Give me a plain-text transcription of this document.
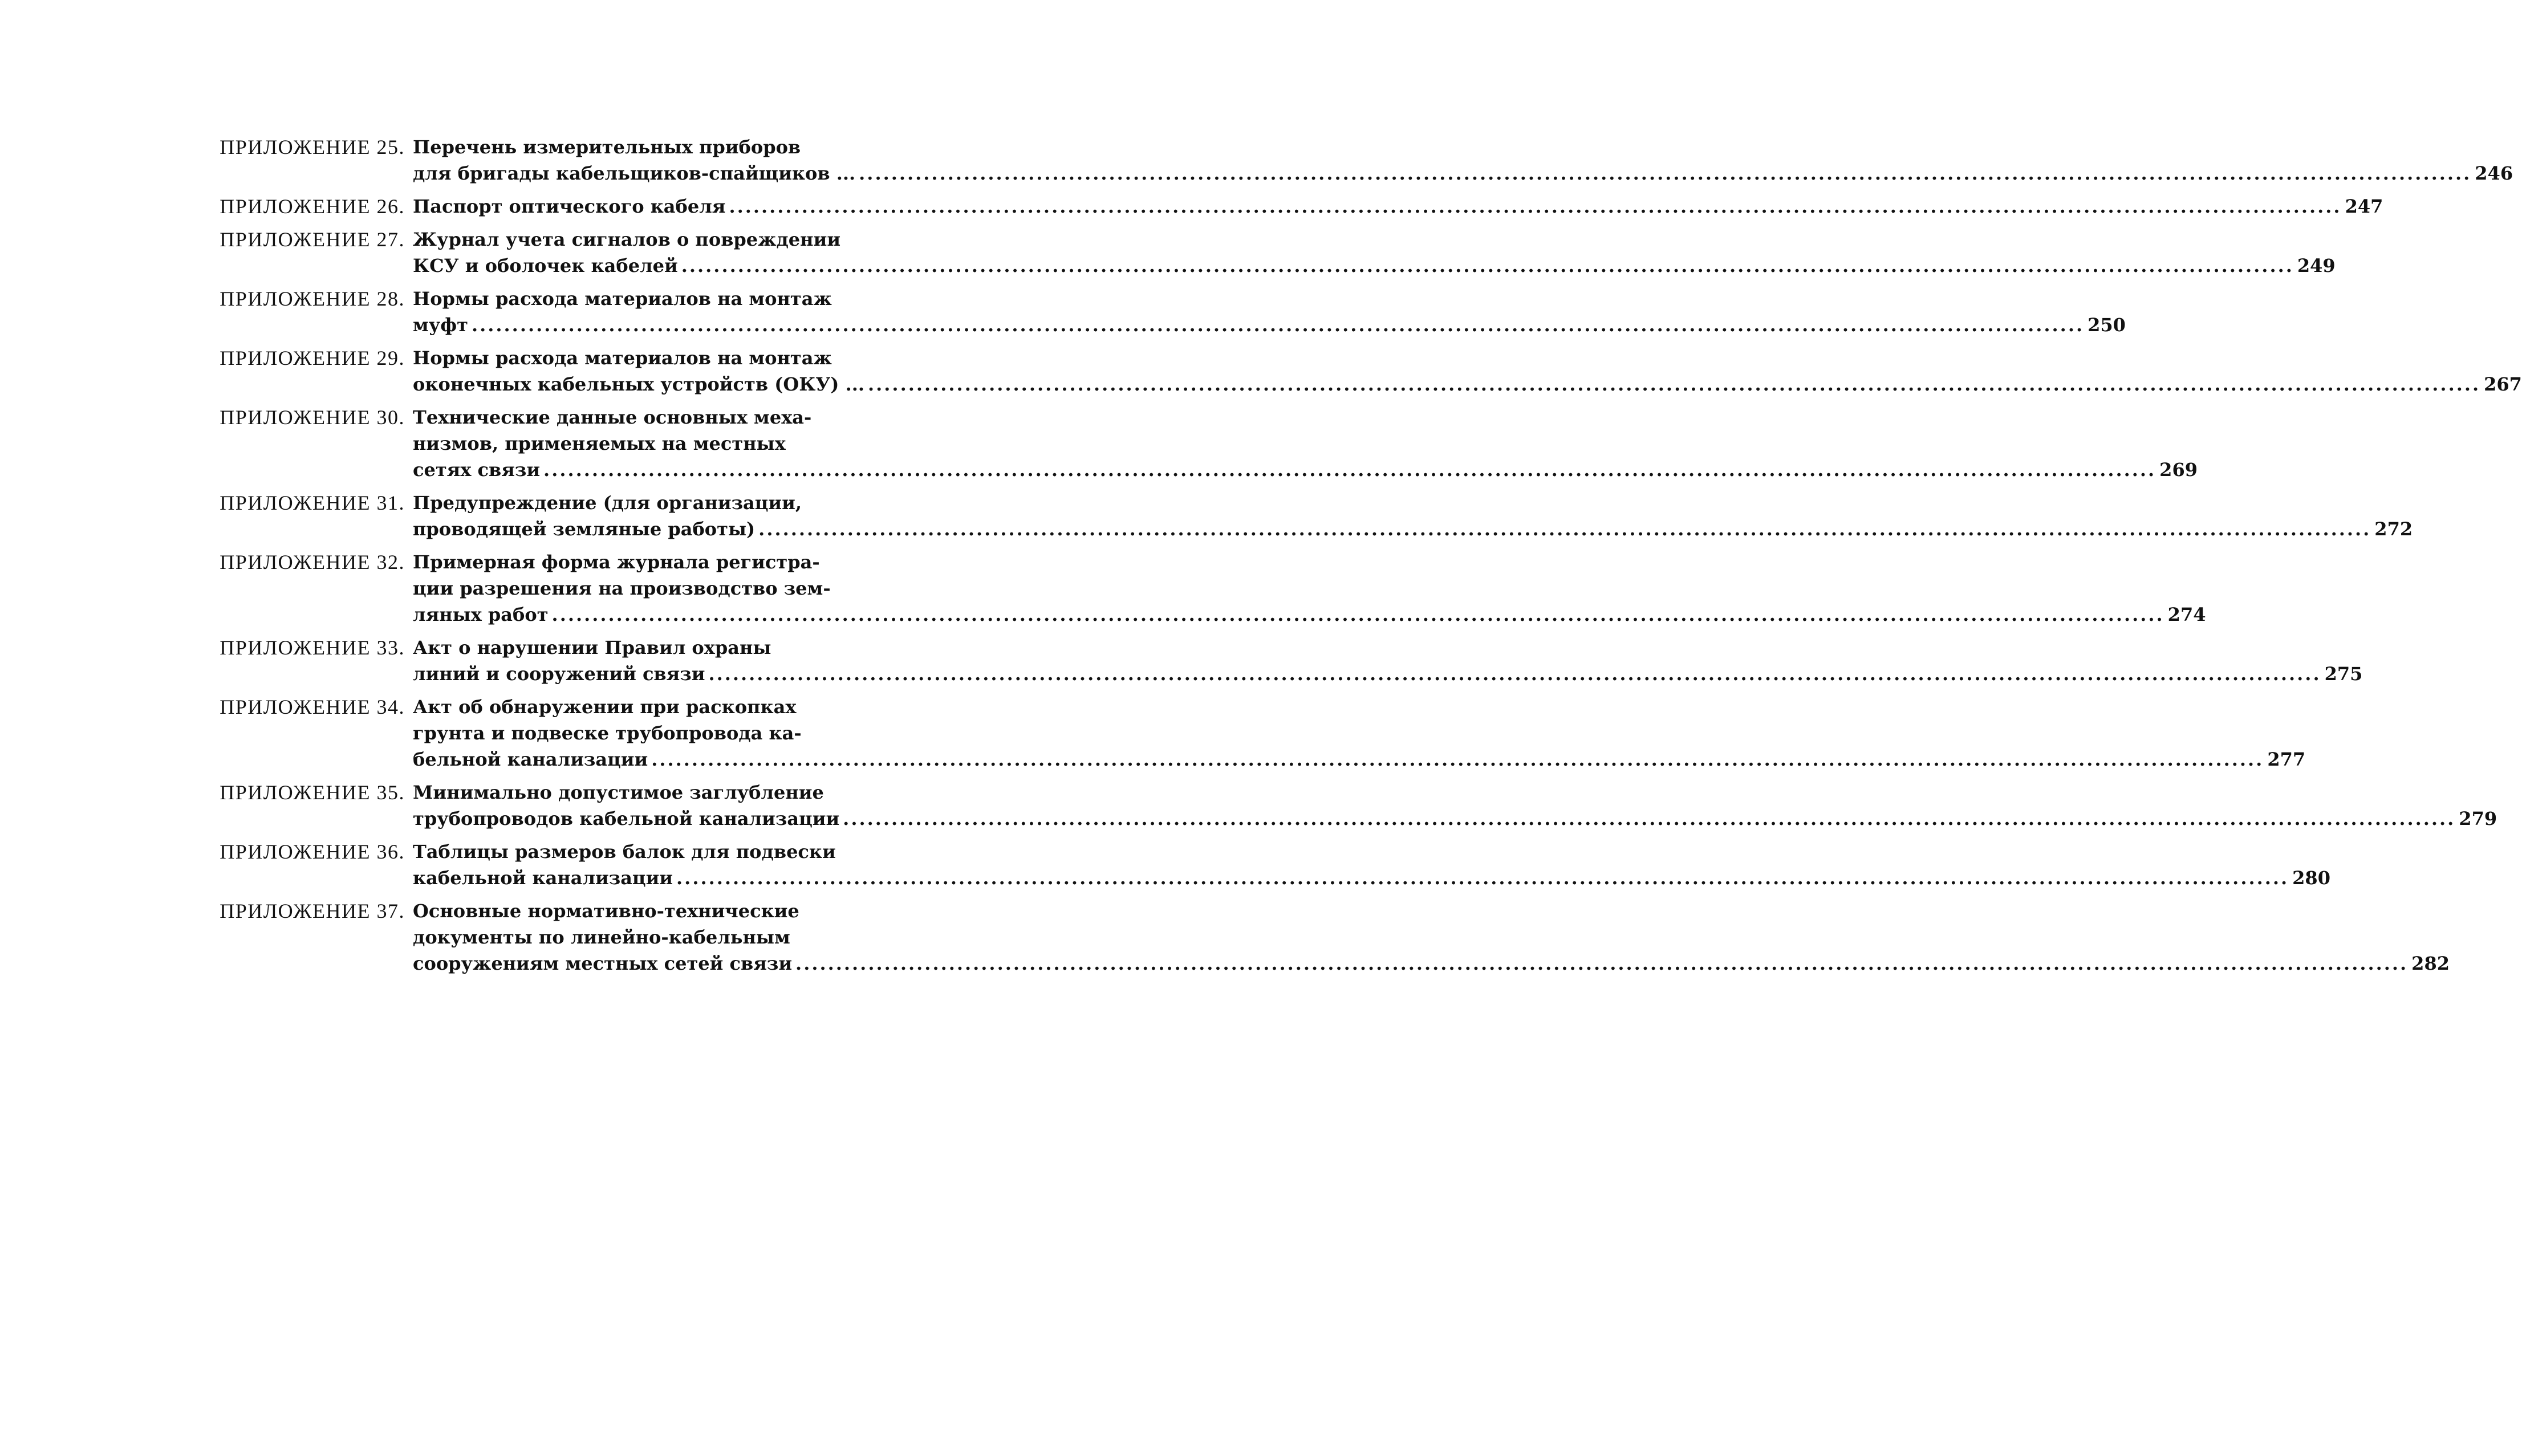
ПРИЛОЖЕНИЕ 25. Перечень измерительных приборов
для бригады кабельщиков-спайщиков ... ........................................................................................................................................................................................................ 246
ПРИЛОЖЕНИЕ 26. Паспорт оптического кабеля ........................................................................................................................................................................................................ 247
ПРИЛОЖЕНИЕ 27. Журнал учета сигналов о повреждении
КСУ и оболочек кабелей ........................................................................................................................................................................................................ 249
ПРИЛОЖЕНИЕ 28. Нормы расхода материалов на монтаж
муфт ........................................................................................................................................................................................................ 250
ПРИЛОЖЕНИЕ 29. Нормы расхода материалов на монтаж
оконечных кабельных устройств (ОКУ) ... ........................................................................................................................................................................................................ 267
ПРИЛОЖЕНИЕ 30. Технические данные основных меха-
низмов, применяемых на местных
сетях связи ........................................................................................................................................................................................................ 269
ПРИЛОЖЕНИЕ 31. Предупреждение (для организации,
проводящей земляные работы) ........................................................................................................................................................................................................ 272
ПРИЛОЖЕНИЕ 32. Примерная форма журнала регистра-
ции разрешения на производство зем-
ляных работ ........................................................................................................................................................................................................ 274
ПРИЛОЖЕНИЕ 33. Акт о нарушении Правил охраны
линий и сооружений связи ........................................................................................................................................................................................................ 275
ПРИЛОЖЕНИЕ 34. Акт об обнаружении при раскопках
грунта и подвеске трубопровода ка-
бельной канализации ........................................................................................................................................................................................................ 277
ПРИЛОЖЕНИЕ 35. Минимально допустимое заглубление
трубопроводов кабельной канализации ........................................................................................................................................................................................................ 279
ПРИЛОЖЕНИЕ 36. Таблицы размеров балок для подвески
кабельной канализации ........................................................................................................................................................................................................ 280
ПРИЛОЖЕНИЕ 37. Основные нормативно-технические
документы по линейно-кабельным
сооружениям местных сетей связи ........................................................................................................................................................................................................ 282
